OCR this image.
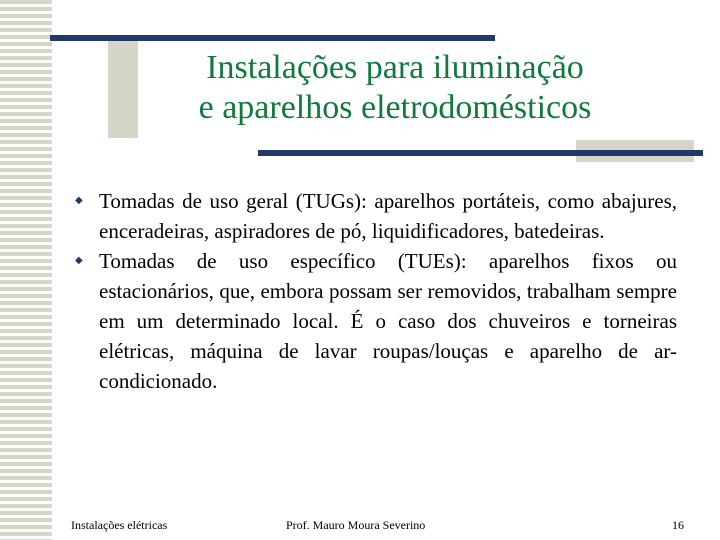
Instalações para iluminação
e aparelhos eletrodomésticos
◆ Tomadas de uso geral (TUGs): aparelhos portáteis, como abajures, enceradeiras, aspiradores de pó, liquidificadores, batedeiras.
◆ Tomadas de uso específico (TUEs): aparelhos fixos ou estacionários, que, embora possam ser removidos, trabalham sempre em um determinado local. É o caso dos chuveiros e torneiras elétricas, máquina de lavar roupas/louças e aparelho de ar-condicionado.
Instalações elétricas	Prof. Mauro Moura Severino	16
